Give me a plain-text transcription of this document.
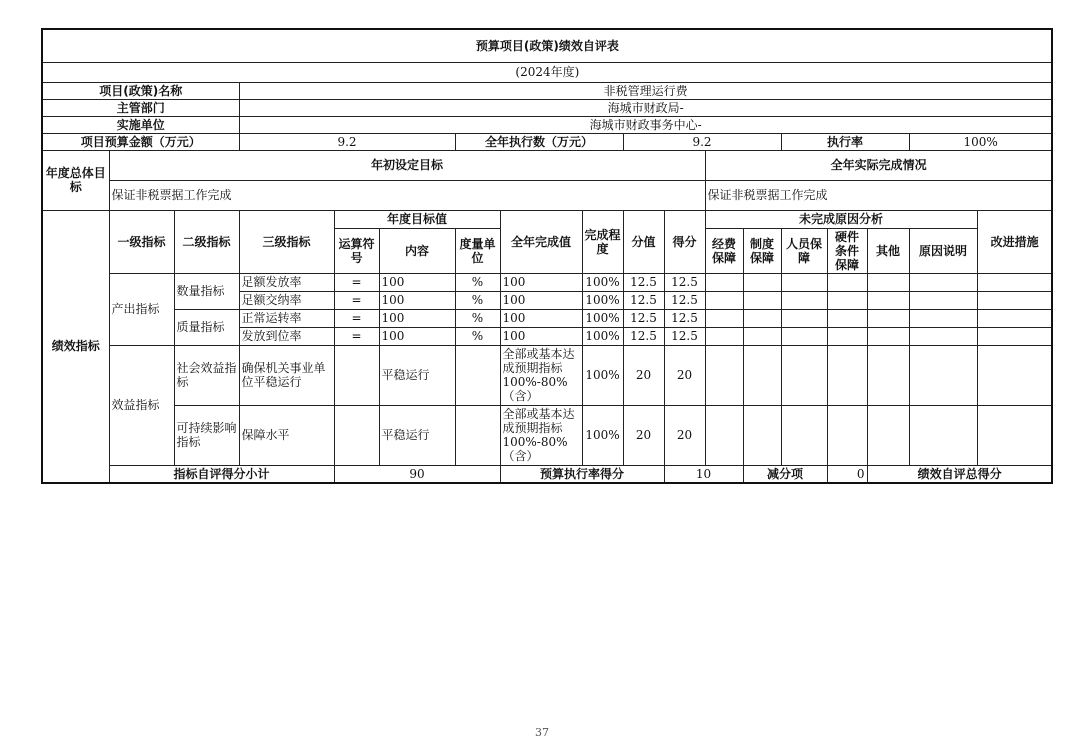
预算项目(政策)绩效自评表																		
(2024年度)																		
项目(政策)名称			非税管理运行费															
主管部门			海城市财政局-															
实施单位			海城市财政事务中心-															
项目预算金额（万元）			9.2			全年执行数（万元）			9.2				执行率			100%		
年度总体目标	年初设定目标										全年实际完成情况							
	保证非税票据工作完成										保证非税票据工作完成							
绩效指标	一级指标	二级指标	三级指标	年度目标值			全年完成值	完成程度	分值	得分	未完成原因分析						改进措施	
				运算符号	内容	度量单位					经费保障	制度保障	人员保障	硬件条件保障	其他	原因说明		
	产出指标	数量指标	足额发放率	=	100	%	100	100%	12.5	12.5								
			足额交纳率	=	100	%	100	100%	12.5	12.5								
		质量指标	正常运转率	=	100	%	100	100%	12.5	12.5								
			发放到位率	=	100	%	100	100%	12.5	12.5								
	效益指标	社会效益指标	确保机关事业单位平稳运行		平稳运行		全部或基本达成预期指标100%-80%（含）	100%	20	20								
		可持续影响指标	保障水平		平稳运行		全部或基本达成预期指标100%-80%（含）	100%	20	20								
	指标自评得分小计			90			预算执行率得分			10		减分项		0	绩效自评总得分	
37
